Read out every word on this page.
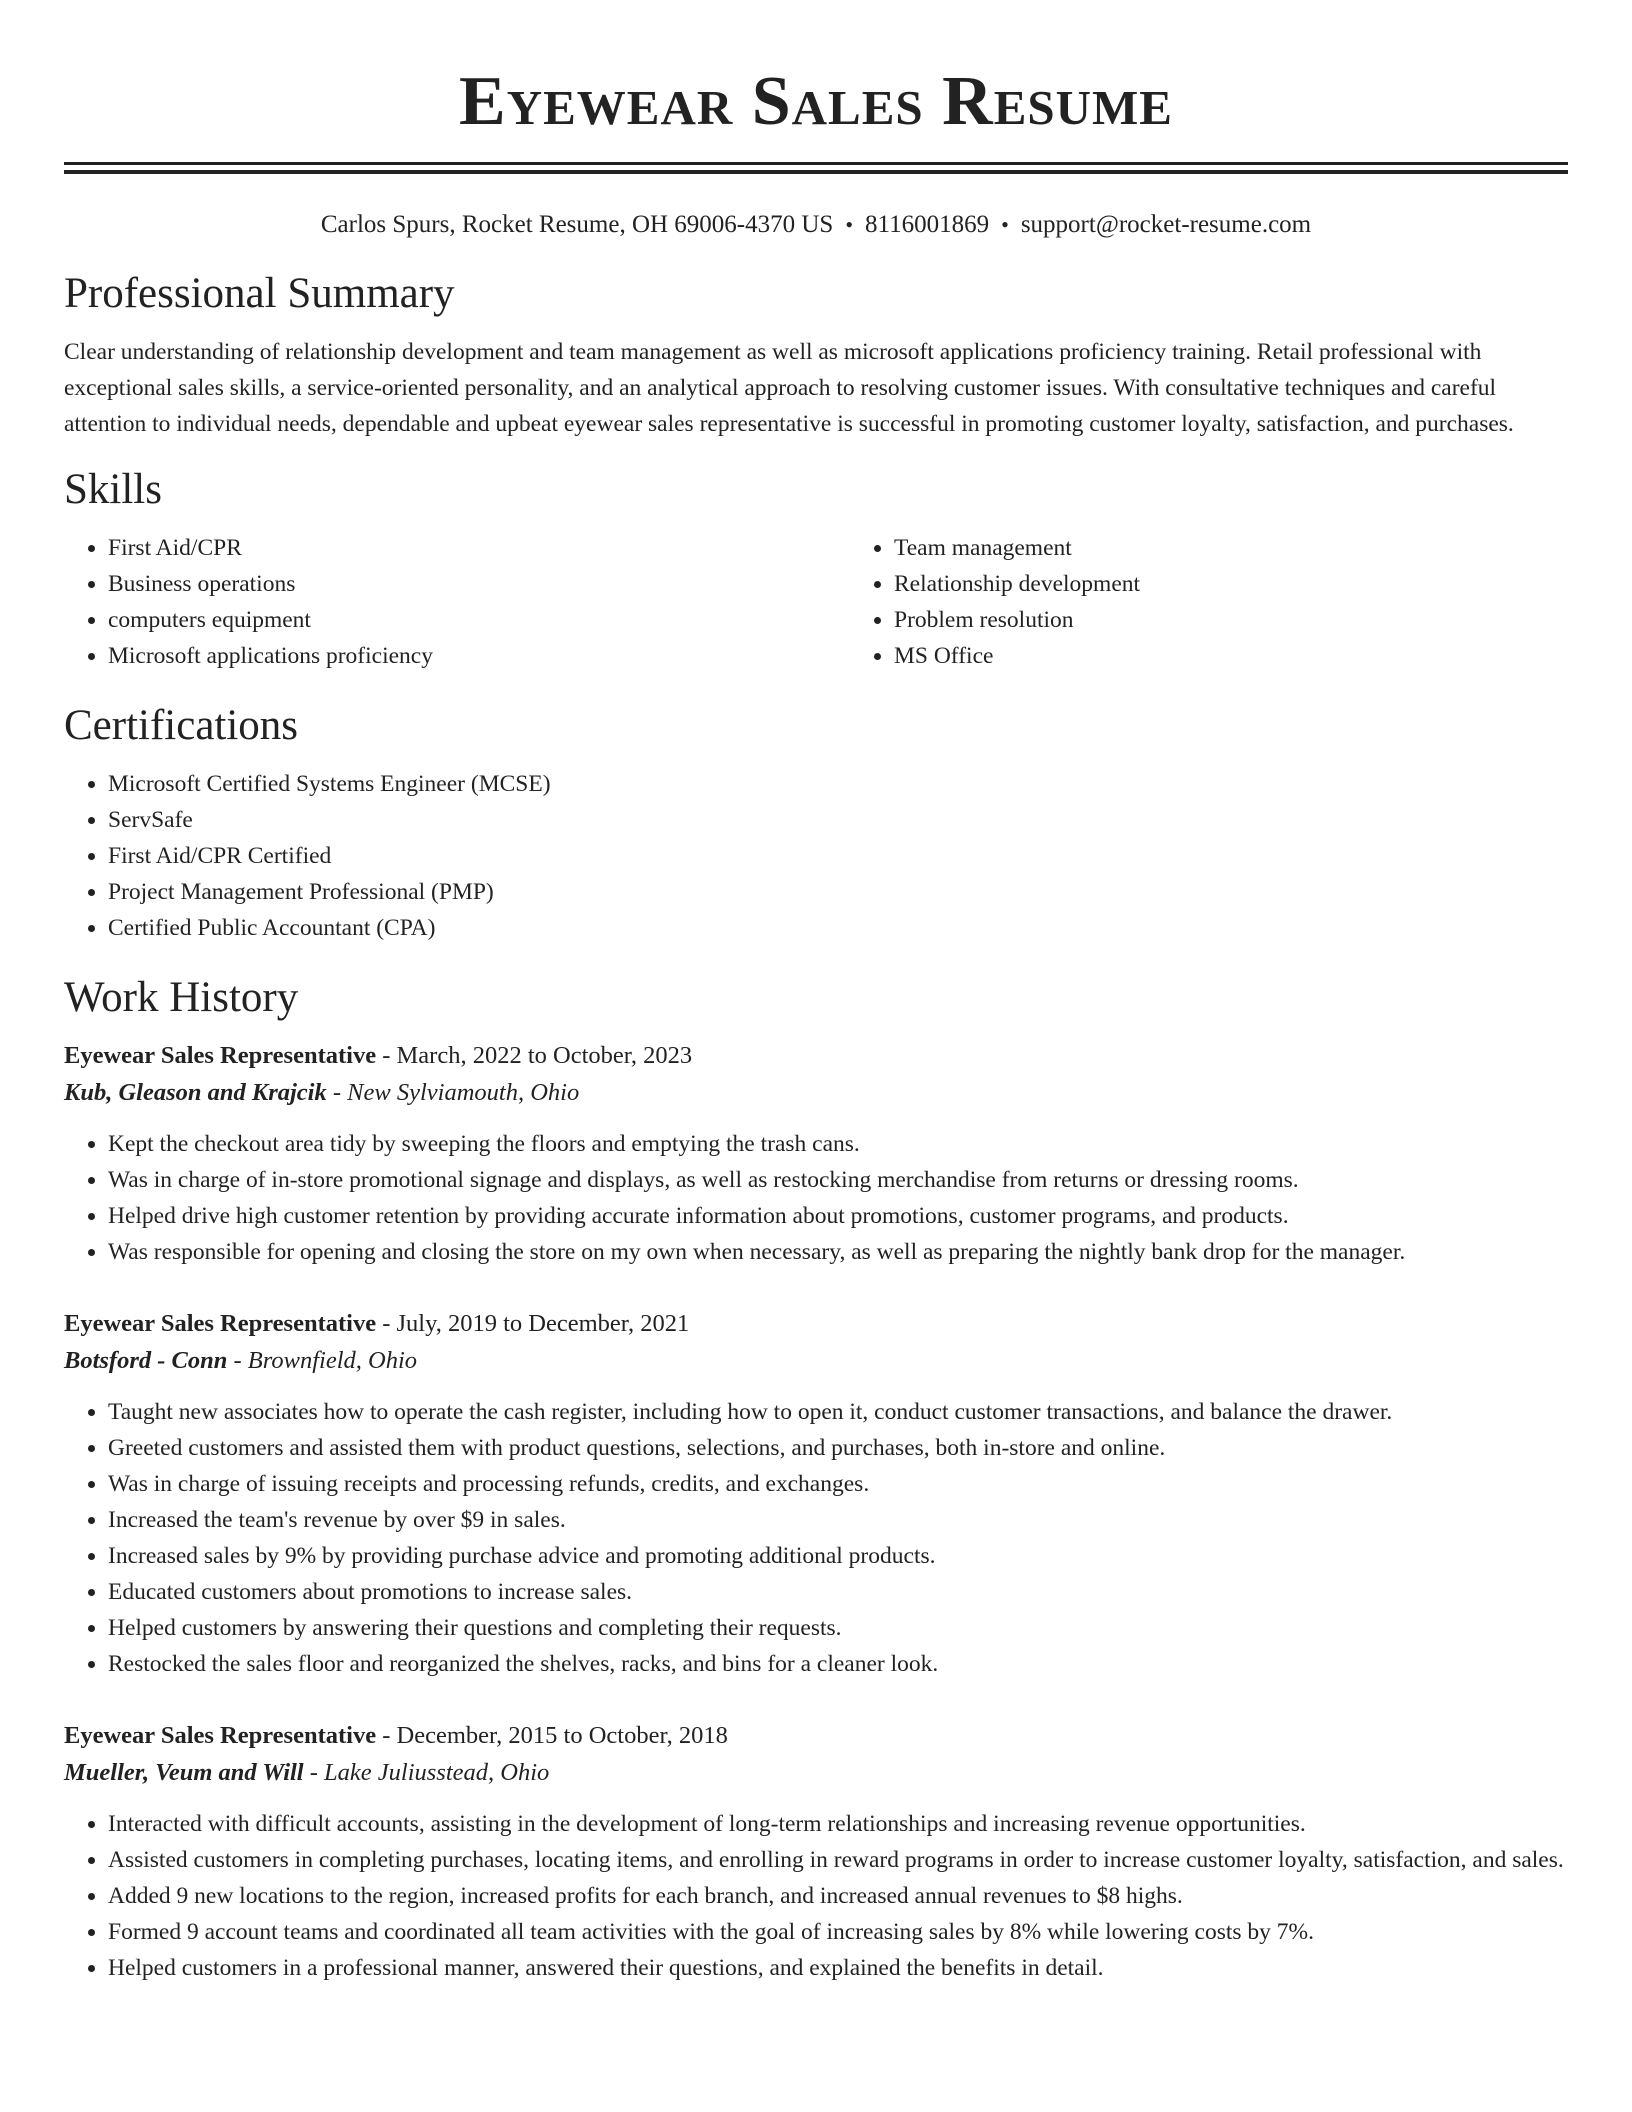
Eyewear Sales Resume
Carlos Spurs, Rocket Resume, OH 69006-4370 US • 8116001869 • support@rocket-resume.com
Professional Summary

Clear understanding of relationship development and team management as well as microsoft applications proficiency training. Retail professional with exceptional sales skills, a service-oriented personality, and an analytical approach to resolving customer issues. With consultative techniques and careful attention to individual needs, dependable and upbeat eyewear sales representative is successful in promoting customer loyalty, satisfaction, and purchases.

Skills
• First Aid/CPR
• Business operations
• computers equipment
• Microsoft applications proficiency
• Team management
• Relationship development
• Problem resolution
• MS Office
Certifications
• Microsoft Certified Systems Engineer (MCSE)
• ServSafe
• First Aid/CPR Certified
• Project Management Professional (PMP)
• Certified Public Accountant (CPA)
Work History
Eyewear Sales Representative - March, 2022 to October, 2023
Kub, Gleason and Krajcik - New Sylviamouth, Ohio
• Kept the checkout area tidy by sweeping the floors and emptying the trash cans.
• Was in charge of in-store promotional signage and displays, as well as restocking merchandise from returns or dressing rooms.
• Helped drive high customer retention by providing accurate information about promotions, customer programs, and products.
• Was responsible for opening and closing the store on my own when necessary, as well as preparing the nightly bank drop for the manager.
Eyewear Sales Representative - July, 2019 to December, 2021
Botsford - Conn - Brownfield, Ohio
• Taught new associates how to operate the cash register, including how to open it, conduct customer transactions, and balance the drawer.
• Greeted customers and assisted them with product questions, selections, and purchases, both in-store and online.
• Was in charge of issuing receipts and processing refunds, credits, and exchanges.
• Increased the team's revenue by over $9 in sales.
• Increased sales by 9% by providing purchase advice and promoting additional products.
• Educated customers about promotions to increase sales.
• Helped customers by answering their questions and completing their requests.
• Restocked the sales floor and reorganized the shelves, racks, and bins for a cleaner look.
Eyewear Sales Representative - December, 2015 to October, 2018
Mueller, Veum and Will - Lake Juliusstead, Ohio
• Interacted with difficult accounts, assisting in the development of long-term relationships and increasing revenue opportunities.
• Assisted customers in completing purchases, locating items, and enrolling in reward programs in order to increase customer loyalty, satisfaction, and sales.
• Added 9 new locations to the region, increased profits for each branch, and increased annual revenues to $8 highs.
• Formed 9 account teams and coordinated all team activities with the goal of increasing sales by 8% while lowering costs by 7%.
• Helped customers in a professional manner, answered their questions, and explained the benefits in detail.
